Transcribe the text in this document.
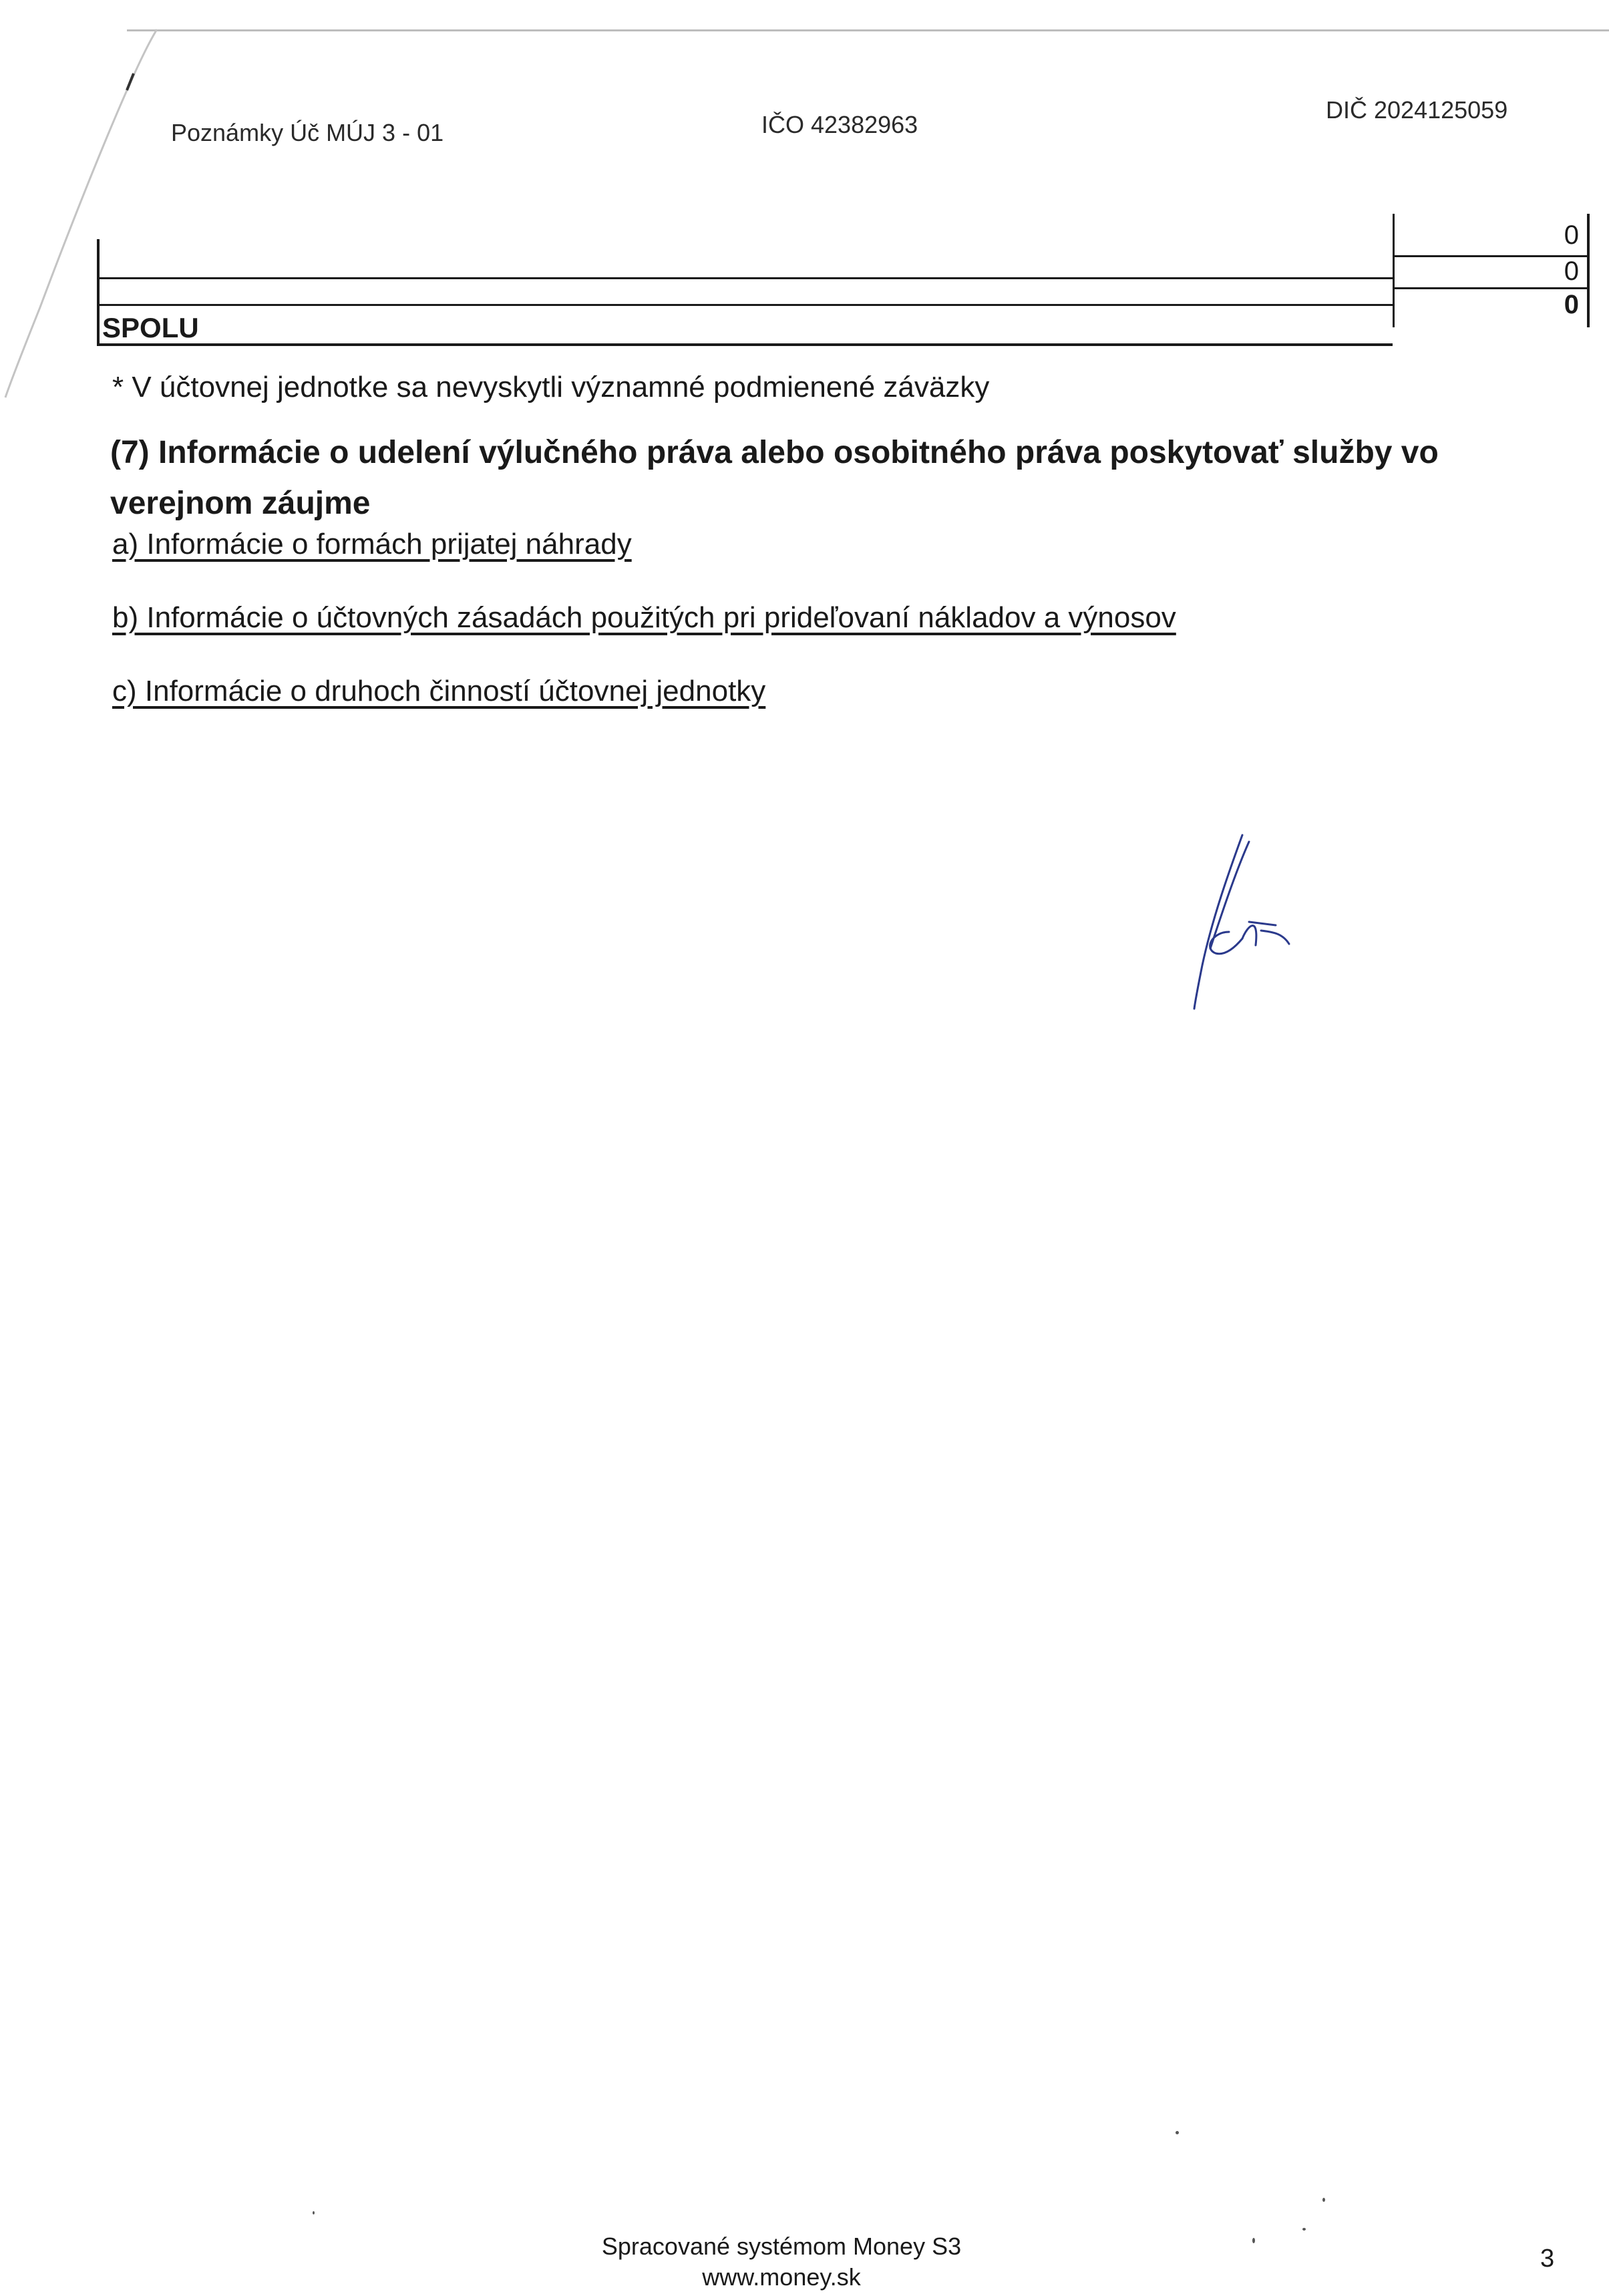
Poznámky Úč MÚJ 3 - 01	IČO 42382963
DIČ 2024125059
0
0
SPOLU
0
* V účtovnej jednotke sa nevyskytli významné podmienené záväzky
(7) Informácie o udelení výlučného práva alebo osobitného práva poskytovať služby vo verejnom záujme
a) Informácie o formách prijatej náhrady
b) Informácie o účtovných zásadách použitých pri prideľovaní nákladov a výnosov
c) Informácie o druhoch činností účtovnej jednotky
Spracované systémom Money S3
www.money.sk
3
